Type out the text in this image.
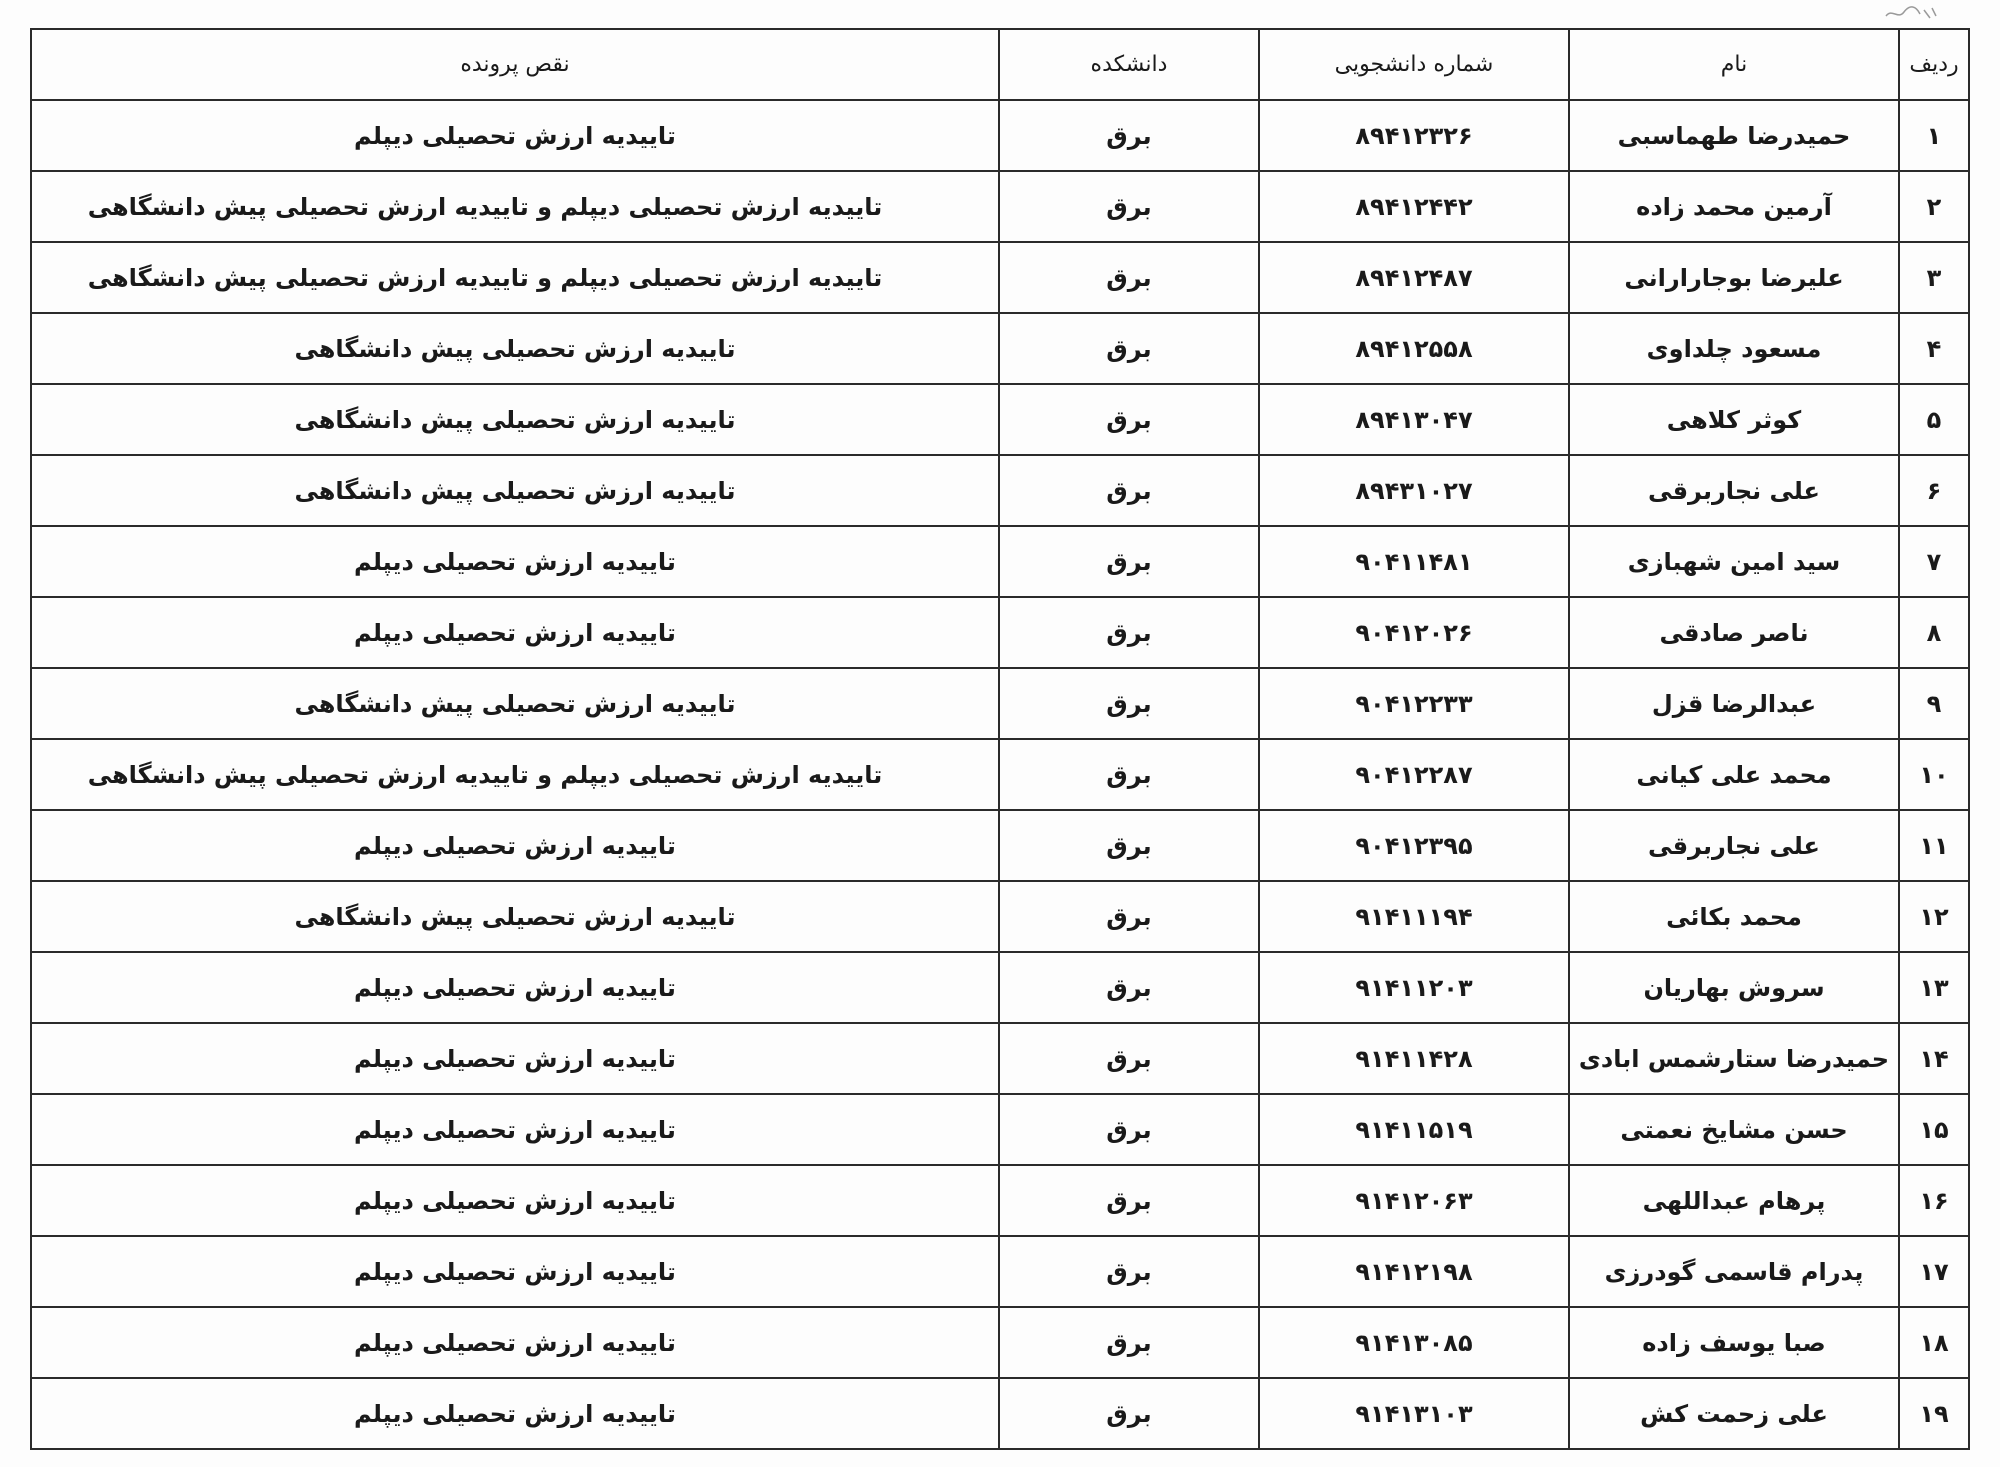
ردیف	نام	شماره دانشجویی	دانشکده	نقص پرونده
۱	حمیدرضا طهماسبی	۸۹۴۱۲۳۲۶	برق	تاییدیه ارزش تحصیلی دیپلم
۲	آرمین محمد زاده	۸۹۴۱۲۴۴۲	برق	تاییدیه ارزش تحصیلی دیپلم و تاییدیه ارزش تحصیلی پیش دانشگاهی
۳	علیرضا بوجارارانی	۸۹۴۱۲۴۸۷	برق	تاییدیه ارزش تحصیلی دیپلم و تاییدیه ارزش تحصیلی پیش دانشگاهی
۴	مسعود چلداوی	۸۹۴۱۲۵۵۸	برق	تاییدیه ارزش تحصیلی پیش دانشگاهی
۵	کوثر کلاهی	۸۹۴۱۳۰۴۷	برق	تاییدیه ارزش تحصیلی پیش دانشگاهی
۶	علی نجاربرقی	۸۹۴۳۱۰۲۷	برق	تاییدیه ارزش تحصیلی پیش دانشگاهی
۷	سید امین شهبازی	۹۰۴۱۱۴۸۱	برق	تاییدیه ارزش تحصیلی دیپلم
۸	ناصر صادقی	۹۰۴۱۲۰۲۶	برق	تاییدیه ارزش تحصیلی دیپلم
۹	عبدالرضا قزل	۹۰۴۱۲۲۳۳	برق	تاییدیه ارزش تحصیلی پیش دانشگاهی
۱۰	محمد علی کیانی	۹۰۴۱۲۲۸۷	برق	تاییدیه ارزش تحصیلی دیپلم و تاییدیه ارزش تحصیلی پیش دانشگاهی
۱۱	علی نجاربرقی	۹۰۴۱۲۳۹۵	برق	تاییدیه ارزش تحصیلی دیپلم
۱۲	محمد بکائی	۹۱۴۱۱۱۹۴	برق	تاییدیه ارزش تحصیلی پیش دانشگاهی
۱۳	سروش بهاریان	۹۱۴۱۱۲۰۳	برق	تاییدیه ارزش تحصیلی دیپلم
۱۴	حمیدرضا ستارشمس ابادی	۹۱۴۱۱۴۲۸	برق	تاییدیه ارزش تحصیلی دیپلم
۱۵	حسن مشایخ نعمتی	۹۱۴۱۱۵۱۹	برق	تاییدیه ارزش تحصیلی دیپلم
۱۶	پرهام عبداللهی	۹۱۴۱۲۰۶۳	برق	تاییدیه ارزش تحصیلی دیپلم
۱۷	پدرام قاسمی گودرزی	۹۱۴۱۲۱۹۸	برق	تاییدیه ارزش تحصیلی دیپلم
۱۸	صبا یوسف زاده	۹۱۴۱۳۰۸۵	برق	تاییدیه ارزش تحصیلی دیپلم
۱۹	علی زحمت کش	۹۱۴۱۳۱۰۳	برق	تاییدیه ارزش تحصیلی دیپلم
